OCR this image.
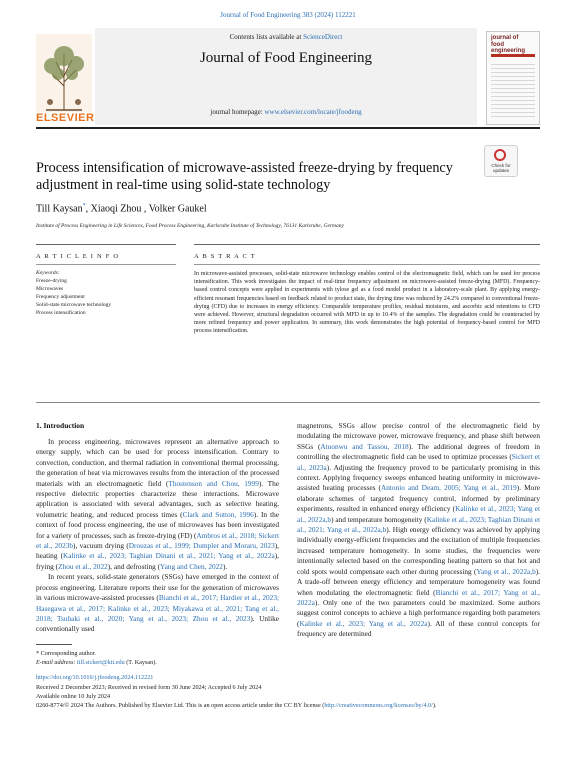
Journal of Food Engineering 383 (2024) 112221
ELSEVIER
Contents lists available at ScienceDirect
Journal of Food Engineering
journal homepage: www.elsevier.com/locate/jfoodeng
journal of
food
engineering
Process intensification of microwave-assisted freeze-drying by frequency
adjustment in real-time using solid-state technology
Check for
updates
Till Kaysan*, Xiaoqi Zhou , Volker Gaukel
Institute of Process Engineering in Life Sciences, Food Process Engineering, Karlsruhe Institute of Technology, 76131 Karlsruhe, Germany
A R T I C L E I N F O	A B S T R A C T
Keywords:
Freeze-drying
Microwaves
Frequency adjustment
Solid-state microwave technology
Process intensification
In microwave-assisted processes, solid-state microwave technology enables control of the electromagnetic field, which can be used for process intensification. This work investigates the impact of real-time frequency adjustment on microwave-assisted freeze-drying (MFD). Frequency-based control concepts were applied in experiments with tylose gel as a food model product in a laboratory-scale plant. By applying energy-efficient resonant frequencies based on feedback related to product state, the drying time was reduced by 24.2% compared to conventional freeze-drying (CFD) due to increases in energy efficiency. Comparable temperature profiles, residual moistures, and ascorbic acid retentions to CFD were achieved. However, structural degradation occurred with MFD in up to 10.4% of the samples. The degradation could be counteracted by more refined frequency and power application. In summary, this work demonstrates the high potential of frequency-based control for MFD process intensification.
1. Introduction

In process engineering, microwaves represent an alternative approach to energy supply, which can be used for process intensification. Contrary to convection, conduction, and thermal radiation in conventional thermal processing, the generation of heat via microwaves results from the interaction of the processed materials with an electromagnetic field (Thostenson and Chou, 1999). The respective dielectric properties characterize these interactions. Microwave application is associated with several advantages, such as selective heating, volumetric heating, and reduced process times (Clark and Sutton, 1996). In the context of food process engineering, the use of microwaves has been investigated for a variety of processes, such as freeze-drying (FD) (Ambros et al., 2018; Sickert et al., 2023b), vacuum drying (Drouzas et al., 1999; Dumpler and Moraru, 2023), heating (Kalinke et al., 2023; Taghian Dinani et al., 2021; Yang et al., 2022a), frying (Zhou et al., 2022), and defrosting (Yang and Chen, 2022).

In recent years, solid-state generators (SSGs) have emerged in the context of process engineering. Literature reports their use for the generation of microwaves in various microwave-assisted processes (Bianchi et al., 2017; Hardier et al., 2023; Hasegawa et al., 2017; Kalinke et al., 2023; Miyakawa et al., 2021; Tang et al., 2018; Tsubaki et al., 2020; Yang et al., 2023; Zhou et al., 2023). Unlike conventionally used

magnetrons, SSGs allow precise control of the electromagnetic field by modulating the microwave power, microwave frequency, and phase shift between SSGs (Atuonwu and Tassou, 2018). The additional degrees of freedom in controlling the electromagnetic field can be used to optimize processes (Sickert et al., 2023a). Adjusting the frequency proved to be particularly promising in this context. Applying frequency sweeps enhanced heating uniformity in microwave-assisted heating processes (Antonio and Deam, 2005; Yang et al., 2019). More elaborate schemes of targeted frequency control, informed by preliminary experiments, resulted in enhanced energy efficiency (Kalinke et al., 2023; Yang et al., 2022a,b) and temperature homogeneity (Kalinke et al., 2023; Taghian Dinani et al., 2021; Yang et al., 2022a,b). High energy efficiency was achieved by applying individually energy-efficient frequencies and the excitation of multiple frequencies increased temperature homogeneity. In some studies, the frequencies were intentionally selected based on the corresponding heating pattern so that hot and cold spots would compensate each other during processing (Yang et al., 2022a,b). A trade-off between energy efficiency and temperature homogeneity was found when modulating the electromagnetic field (Bianchi et al., 2017; Yang et al., 2022a). Only one of the two parameters could be maximized. Some authors suggest control concepts to achieve a high performance regarding both parameters (Kalinke et al., 2023; Yang et al., 2022a). All of these control concepts for frequency are determined

* Corresponding author.
E-mail address: till.sickert@kit.edu (T. Kaysan).
https://doi.org/10.1016/j.jfoodeng.2024.112221
Received 2 December 2023; Received in revised form 30 June 2024; Accepted 6 July 2024
Available online 10 July 2024
0260-8774/© 2024 The Authors. Published by Elsevier Ltd. This is an open access article under the CC BY license (http://creativecommons.org/licenses/by/4.0/).
